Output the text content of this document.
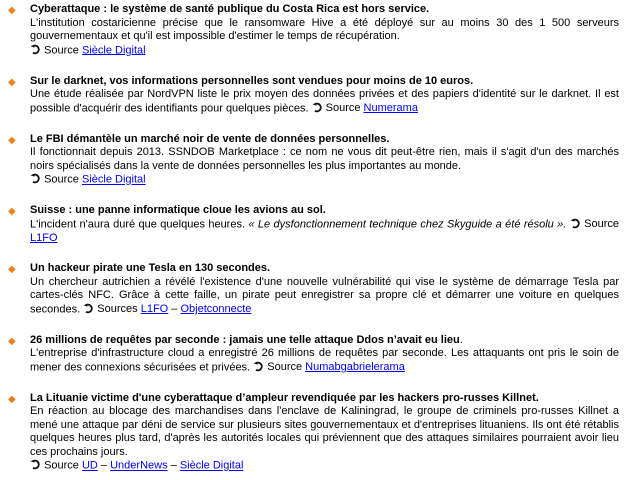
◆	Cyberattaque : le système de santé publique du Costa Rica est hors service.

L'institution costaricienne précise que le ransomware Hive a été déployé sur au moins 30 des 1 500 serveurs gouvernementaux et qu'il est impossible d'estimer le temps de récupération.

Source Siècle Digital
◆	Sur le darknet, vos informations personnelles sont vendues pour moins de 10 euros.

Une étude réalisée par NordVPN liste le prix moyen des données privées et des papiers d'identité sur le darknet. Il est possible d'acquérir des identifiants pour quelques pièces. Source Numerama

◆	Le FBI démantèle un marché noir de vente de données personnelles.

Il fonctionnait depuis 2013. SSNDOB Marketplace : ce nom ne vous dit peut-être rien, mais il s'agit d'un des marchés noirs spécialisés dans la vente de données personnelles les plus importantes au monde.

Source Siècle Digital
◆	Suisse : une panne informatique cloue les avions au sol.

L'incident n'aura duré que quelques heures. « Le dysfonctionnement technique chez Skyguide a été résolu ». Source L1FO

◆	Un hackeur pirate une Tesla en 130 secondes.

Un chercheur autrichien a révélé l'existence d'une nouvelle vulnérabilité qui vise le système de démarrage Tesla par cartes-clés NFC. Grâce à cette faille, un pirate peut enregistrer sa propre clé et démarrer une voiture en quelques secondes. Sources L1FO – Objetconnecte

◆	26 millions de requêtes par seconde : jamais une telle attaque Ddos n’avait eu lieu.

L'entreprise d'infrastructure cloud a enregistré 26 millions de requêtes par seconde. Les attaquants ont pris le soin de mener des connexions sécurisées et privées. Source Numabgabrielerama

◆	La Lituanie victime d'une cyberattaque d’ampleur revendiquée par les hackers pro-russes Killnet.

En réaction au blocage des marchandises dans l'enclave de Kaliningrad, le groupe de criminels pro-russes Killnet a mené une attaque par déni de service sur plusieurs sites gouvernementaux et d'entreprises lituaniens. Ils ont été rétablis quelques heures plus tard, d'après les autorités locales qui préviennent que des attaques similaires pourraient avoir lieu ces prochains jours.

Source UD – UnderNews – Siècle Digital
